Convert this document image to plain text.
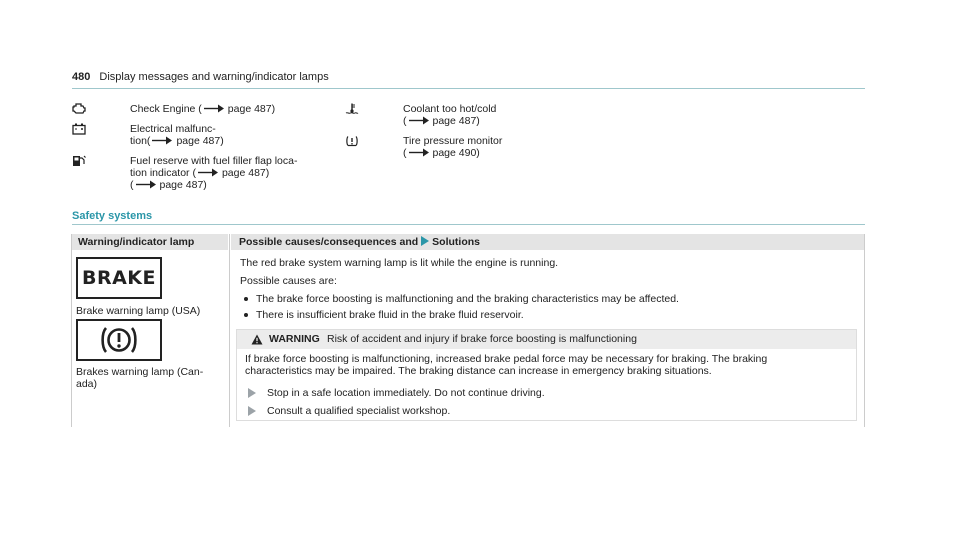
480 Display messages and warning/indicator lamps
Check Engine ( page 487)
Electrical malfunc-
tion( page 487)
Fuel reserve with fuel filler flap loca-
tion indicator ( page 487)
( page 487)
Coolant too hot/cold
( page 487)
Tire pressure monitor
( page 490)
Safety systems
Warning/indicator lamp	Possible causes/consequences and Solutions
BRAKE
Brake warning lamp (USA)
Brakes warning lamp (Can-
ada)
The red brake system warning lamp is lit while the engine is running.
Possible causes are:
The brake force boosting is malfunctioning and the braking characteristics may be affected.
There is insufficient brake fluid in the brake fluid reservoir.
WARNING Risk of accident and injury if brake force boosting is malfunctioning
If brake force boosting is malfunctioning, increased brake pedal force may be necessary for braking. The braking
characteristics may be impaired. The braking distance can increase in emergency braking situations.
Stop in a safe location immediately. Do not continue driving.
Consult a qualified specialist workshop.
